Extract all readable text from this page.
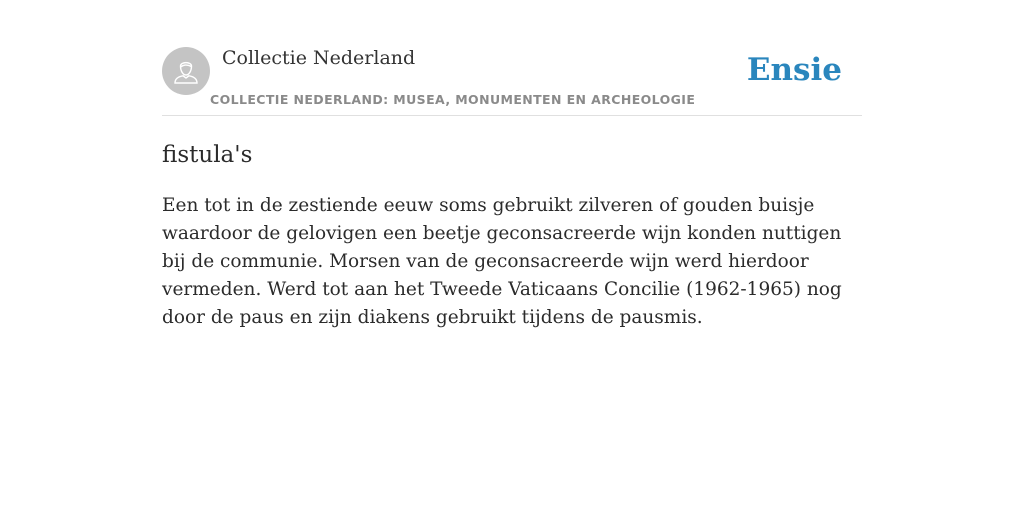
Collectie Nederland
COLLECTIE NEDERLAND: MUSEA, MONUMENTEN EN ARCHEOLOGIE
Ensie
fistula's

Een tot in de zestiende eeuw soms gebruikt zilveren of gouden buisje waardoor de gelovigen een beetje geconsacreerde wijn konden nuttigen bij de communie. Morsen van de geconsacreerde wijn werd hierdoor vermeden. Werd tot aan het Tweede Vaticaans Concilie (1962-1965) nog door de paus en zijn diakens gebruikt tijdens de pausmis.
